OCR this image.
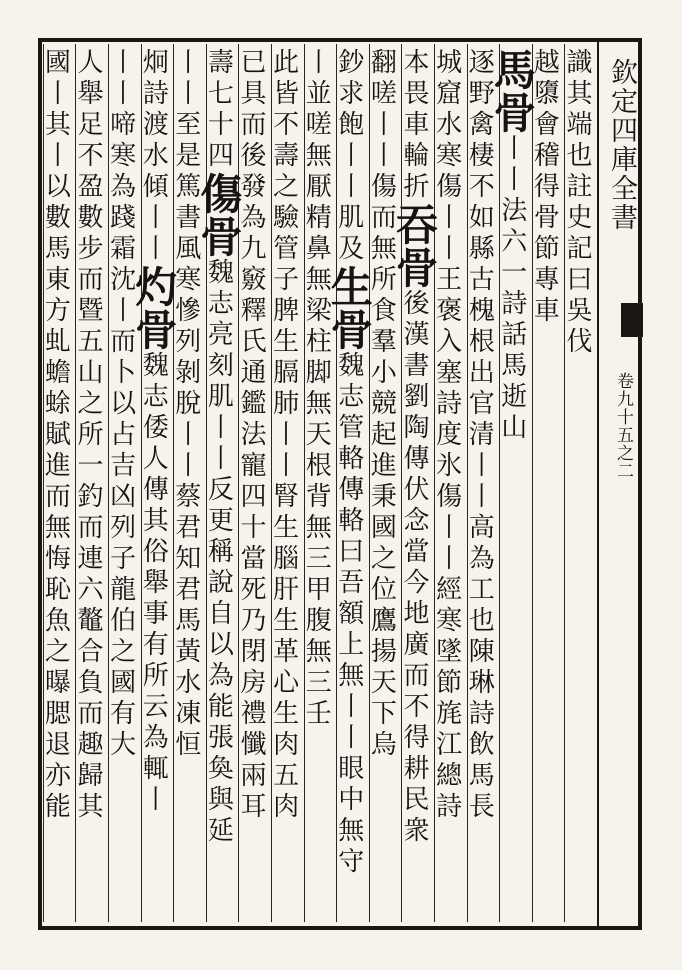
欽定四庫全書
卷九十五之二
識其端也註史記曰吳伐
越隳會稽得骨節專車
馬骨丨丨法六一詩話馬逝山
逐野禽棲不如縣古槐根出官清丨丨高為工也陳琳詩飲馬長
城窟水寒傷丨丨王褒入塞詩度氷傷丨丨經寒墜節旄江總詩
本畏車輪折吞骨後漢書劉陶傳伏念當今地廣而不得耕民衆
翻嗟丨丨傷而無所食羣小競起進秉國之位鷹揚天下烏
鈔求飽丨丨肌及生骨魏志管輅傳輅曰吾額上無丨丨眼中無守
丨並嗟無厭精鼻無梁柱脚無天根背無三甲腹無三壬
此皆不壽之驗管子脾生膈肺丨丨腎生腦肝生革心生肉五肉
已具而後發為九竅釋氏通鑑法寵四十當死乃閉房禮懺兩耳
壽七十四傷骨魏志亮刻肌丨丨反更稱說自以為能張奐與延
丨丨至是篤書風寒慘列剝脫丨丨蔡君知君馬黃水凍恒
炯詩渡水傾丨丨灼骨魏志倭人傳其俗舉事有所云為輒丨
丨丨啼寒為踐霜沈丨而卜以占吉凶列子龍伯之國有大
人舉足不盈數步而暨五山之所一釣而連六鼇合負而趣歸其
國丨其丨以數馬東方虬蟾蜍賦進而無悔恥魚之曝腮退亦能
